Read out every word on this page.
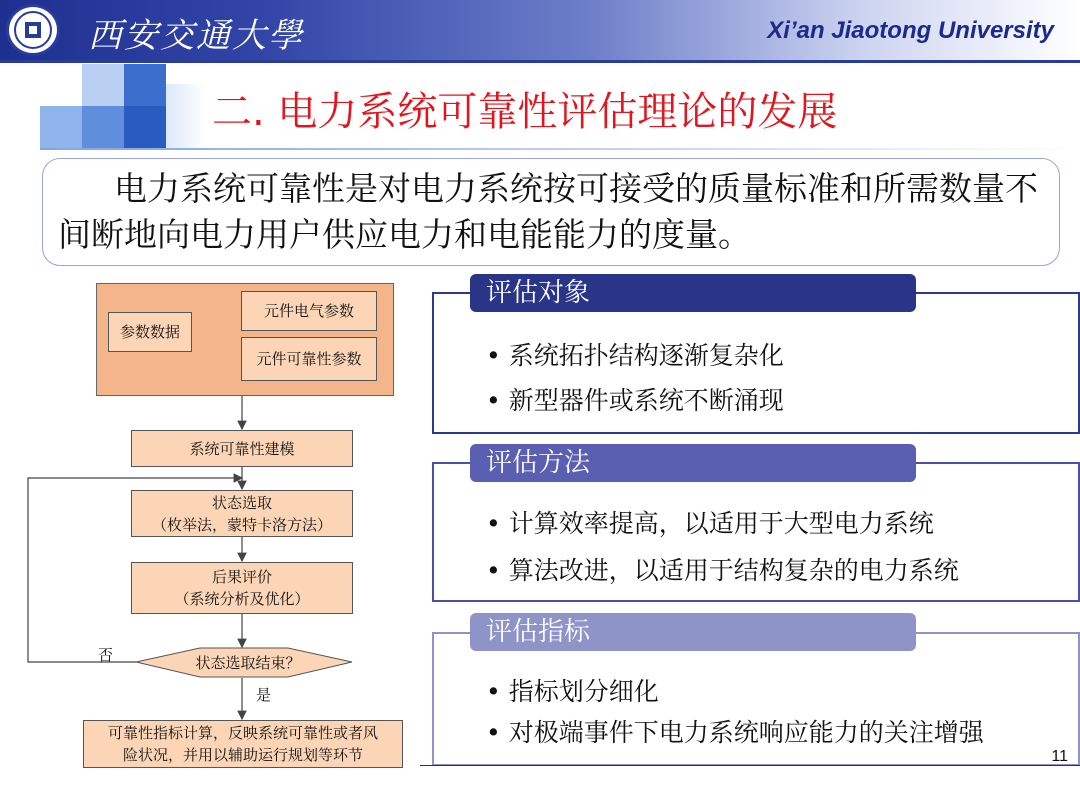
西安交通大學	Xi’an Jiaotong University
二. 电力系统可靠性评估理论的发展
电力系统可靠性是对电力系统按可接受的质量标准和所需数量不间断地向电力用户供应电力和电能能力的度量。
参数数据
元件电气参数
元件可靠性参数
系统可靠性建模
状态选取
（枚举法，蒙特卡洛方法）
后果评价
（系统分析及优化）
状态选取结束？
否
是
可靠性指标计算，反映系统可靠性或者风
险状况，并用以辅助运行规划等环节
评估对象
• 系统拓扑结构逐渐复杂化
• 新型器件或系统不断涌现
评估方法
• 计算效率提高，以适用于大型电力系统
• 算法改进，以适用于结构复杂的电力系统
评估指标
• 指标划分细化
• 对极端事件下电力系统响应能力的关注增强
11
